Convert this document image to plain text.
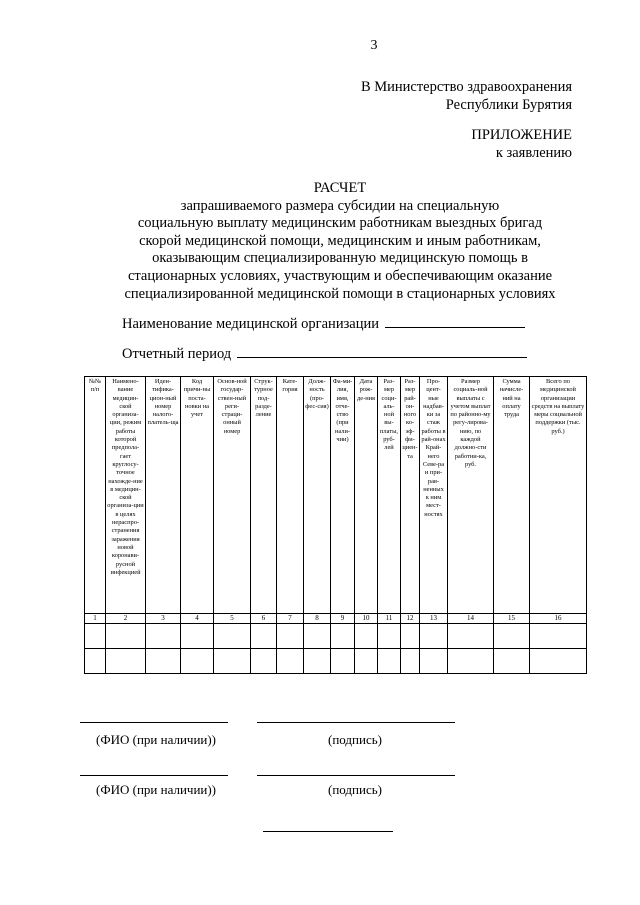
3
В Министерство здравоохранения
Республики Бурятия
ПРИЛОЖЕНИЕ
к заявлению
РАСЧЕТ
запрашиваемого размера субсидии на специальную
социальную выплату медицинским работникам выездных бригад
скорой медицинской помощи, медицинским и иным работникам,
оказывающим специализированную медицинскую помощь в
стационарных условиях, участвующим и обеспечивающим оказание
специализированной медицинской помощи в стационарных условиях
Наименование медицинской организации
Отчетный период
№№ п/п	Наимено-вание медицин-ской организа-ции, режим работы которой предпола-гает круглосу-точное нахожде-ние в медицин-ской организа-ции в целях нераспро-странения заражения новой коронави-русной инфекцией	Иден-тифика-цион-ный номер налого-платель-ща	Код причи-ны поста-новки на учет	Основ-ной государ-ствен-ный реги-страци-онный номер	Струк-турное под-разде-ление	Кате-гория	Долж-ность (про-фес-сия)	Фа-ми-лия, имя, отче-ство (при нали-чии)	Дата рож-де-ния	Раз-мер соци-аль-ной вы-платы, руб-лей	Раз-мер рай-он-ного ко-эф-фи-циен-та	Про-цент-ные надбав-ки за стаж работы в рай-онах Край-него Севе-ра и при-рав-ненных к ним мест-ностях	Размер социаль-ной выплаты с учетом выплат по районно-му регу-лирова-нию, по каждой должно-сти работни-ка, руб.	Сумма начисле-ний на оплату труда	Всего по медицинской организации средств на выплату меры социальной поддержки (тыс. руб.)
1	2	3	4	5	6	7	8	9	10	11	12	13	14	15	16

(ФИО (при наличии))	(подпись)
(ФИО (при наличии))	(подпись)
